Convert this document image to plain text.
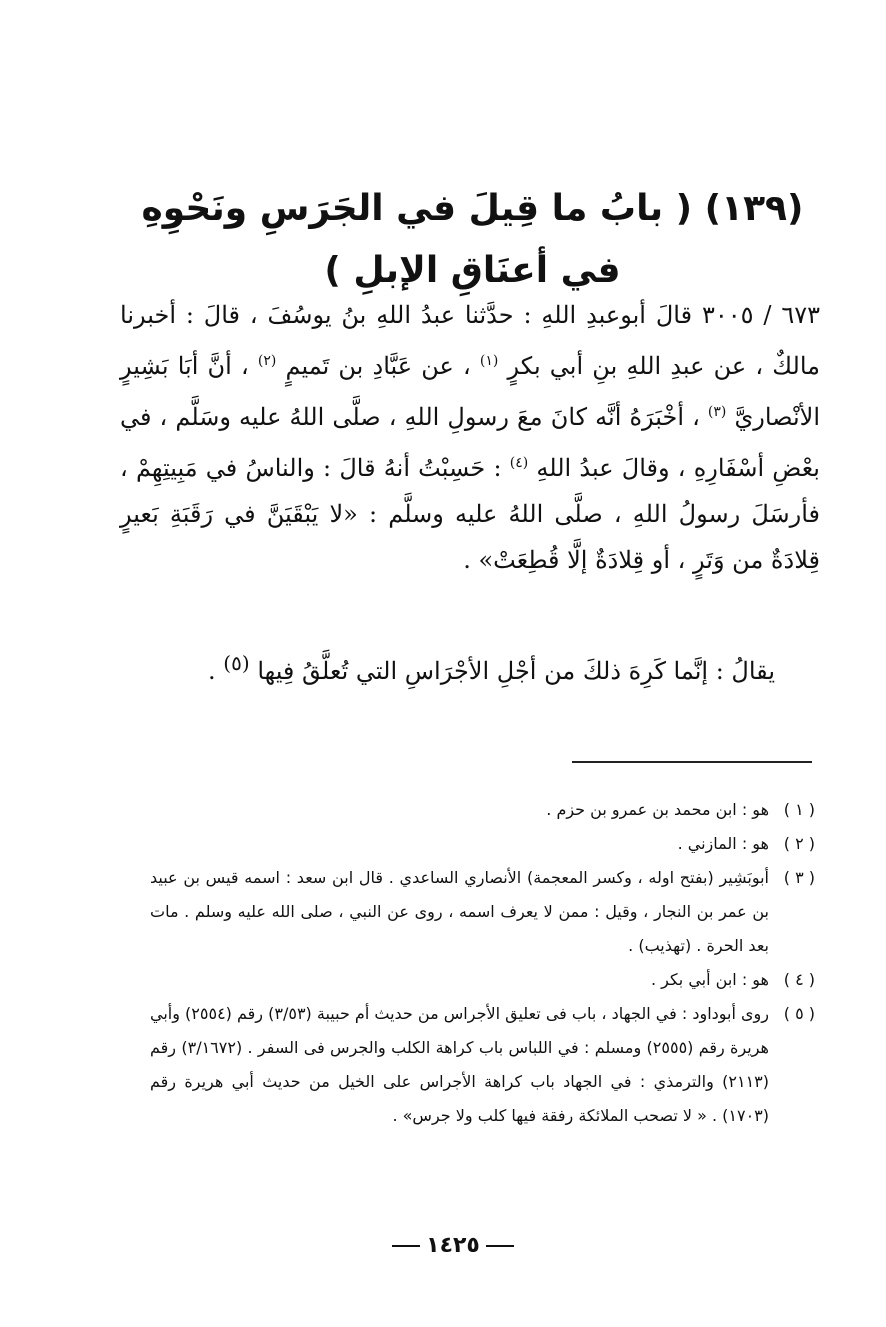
(١٣٩) ( بابُ ما قِيلَ في الجَرَسِ ونَحْوِهِ في أعنَاقِ الإبلِ )
٦٧٣ / ٣٠٠٥ قالَ أبوعبدِ اللهِ : حدَّثنا عبدُ اللهِ بنُ يوسُفَ ، قالَ : أخبرنا مالكٌ ، عن عبدِ اللهِ بنِ أبي بكرٍ $^{(١)}$ ، عن عَبَّادِ بن تَميمٍ $^{(٢)}$ ، أنَّ أبَا بَشِيرٍ الأنْصاريَّ $^{(٣)}$ ، أخْبَرَهُ أنَّه كانَ معَ رسولِ اللهِ ، صلَّى اللهُ عليه وسَلَّم ، في بعْضِ أسْفَارِهِ ، وقالَ عبدُ اللهِ $^{(٤)}$ : حَسِبْتُ أنهُ قالَ : والناسُ في مَبِيتِهِمْ ، فأرسَلَ رسولُ اللهِ ، صلَّى اللهُ عليه وسلَّم : «لا يَبْقَيَنَّ في رَقَبَةِ بَعيرٍ قِلادَةٌ من وَتَرٍ ، أو قِلادَةٌ إلَّا قُطِعَتْ» .
يقالُ : إنَّما كَرِهَ ذلكَ من أجْلِ الأجْرَاسِ التي تُعلَّقُ فِيها $^{(٥)}$ .
( ١ )
هو : ابن محمد بن عمرو بن حزم .
( ٢ )
هو : المازني .
( ٣ )
أبوبَشِير (بفتح اوله ، وكسر المعجمة) الأنصاري الساعدي . قال ابن سعد : اسمه قيس بن عبيد بن عمر بن النجار ، وقيل : ممن لا يعرف اسمه ، روى عن النبي ، صلى الله عليه وسلم . مات بعد الحرة . (تهذيب) .
( ٤ )
هو : ابن أبي بكر .
( ٥ )
روى أبوداود : في الجهاد ، باب فى تعليق الأجراس من حديث أم حبيبة (٣/٥٣) رقم (٢٥٥٤) وأبي هريرة رقم (٢٥٥٥) ومسلم : في اللباس باب كراهة الكلب والجرس فى السفر . (٣/١٦٧٢) رقم (٢١١٣) والترمذي : في الجهاد باب كراهة الأجراس على الخيل من حديث أبي هريرة رقم (١٧٠٣) . « لا تصحب الملائكة رفقة فيها كلب ولا جرس» .
١٤٢٥
